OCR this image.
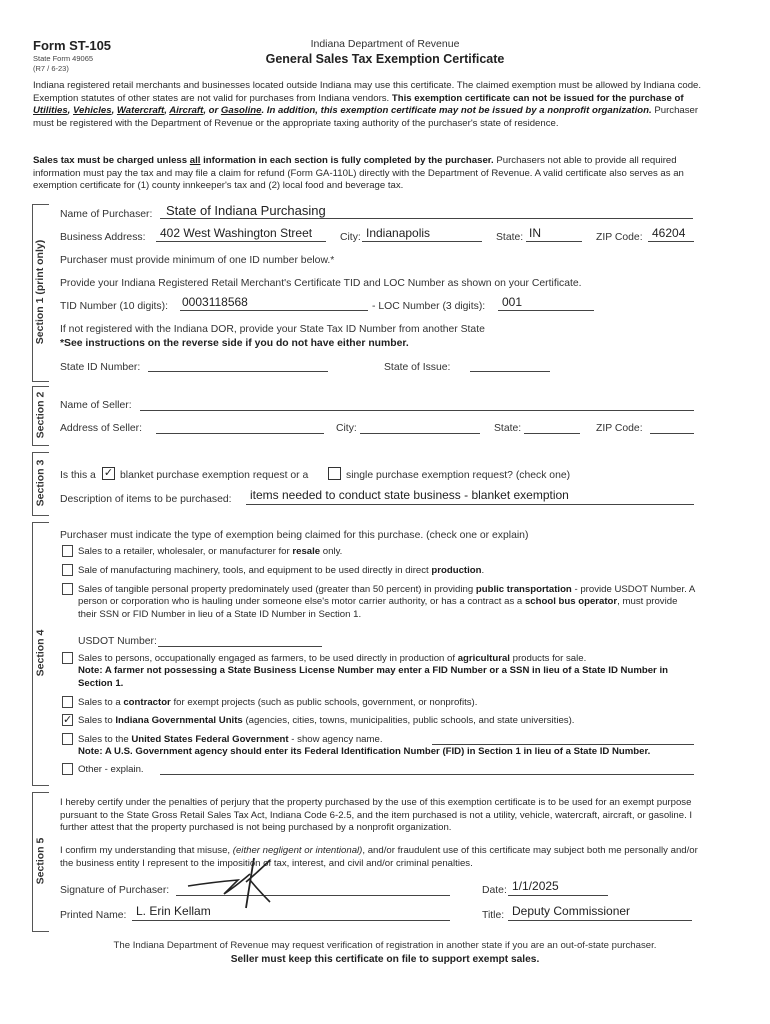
Form ST-105
State Form 49065
(R7 / 6-23)
Indiana Department of Revenue
General Sales Tax Exemption Certificate
Indiana registered retail merchants and businesses located outside Indiana may use this certificate. The claimed exemption must be allowed by Indiana code. Exemption statutes of other states are not valid for purchases from Indiana vendors. This exemption certificate can not be issued for the purchase of Utilities, Vehicles, Watercraft, Aircraft, or Gasoline. In addition, this exemption certificate may not be issued by a nonprofit organization. Purchaser must be registered with the Department of Revenue or the appropriate taxing authority of the purchaser's state of residence.
Sales tax must be charged unless all information in each section is fully completed by the purchaser. Purchasers not able to provide all required information must pay the tax and may file a claim for refund (Form GA-110L) directly with the Department of Revenue. A valid certificate also serves as an exemption certificate for (1) county innkeeper's tax and (2) local food and beverage tax.
Section 1 (print only)
Name of Purchaser: State of Indiana Purchasing
Business Address: 402 West Washington Street	City: Indianapolis	State: IN	ZIP Code: 46204
Purchaser must provide minimum of one ID number below.*
Provide your Indiana Registered Retail Merchant's Certificate TID and LOC Number as shown on your Certificate.
TID Number (10 digits): 0003118568	- LOC Number (3 digits): 001
If not registered with the Indiana DOR, provide your State Tax ID Number from another State
*See instructions on the reverse side if you do not have either number.
State ID Number:	State of Issue:
Section 2 Name of Seller:
Address of Seller:	City:	State:	ZIP Code:
Section 3 Is this a ✓ blanket purchase exemption request or a	single purchase exemption request? (check one)
Description of items to be purchased: items needed to conduct state business - blanket exemption
Section 4
Purchaser must indicate the type of exemption being claimed for this purchase. (check one or explain)
Sales to a retailer, wholesaler, or manufacturer for resale only.
Sale of manufacturing machinery, tools, and equipment to be used directly in direct production.
Sales of tangible personal property predominately used (greater than 50 percent) in providing public transportation - provide USDOT Number. A person or corporation who is hauling under someone else's motor carrier authority, or has a contract as a school bus operator, must provide their SSN or FID Number in lieu of a State ID Number in Section 1.
USDOT Number:
Sales to persons, occupationally engaged as farmers, to be used directly in production of agricultural products for sale.
Note: A farmer not possessing a State Business License Number may enter a FID Number or a SSN in lieu of a State ID Number in Section 1.
Sales to a contractor for exempt projects (such as public schools, government, or nonprofits).
✓ Sales to Indiana Governmental Units (agencies, cities, towns, municipalities, public schools, and state universities).
Sales to the United States Federal Government - show agency name.
Note: A U.S. Government agency should enter its Federal Identification Number (FID) in Section 1 in lieu of a State ID Number.
Other - explain.
Section 5
I hereby certify under the penalties of perjury that the property purchased by the use of this exemption certificate is to be used for an exempt purpose pursuant to the State Gross Retail Sales Tax Act, Indiana Code 6-2.5, and the item purchased is not a utility, vehicle, watercraft, aircraft, or gasoline. I further attest that the property purchased is not being purchased by a nonprofit organization.
I confirm my understanding that misuse, (either negligent or intentional), and/or fraudulent use of this certificate may subject both me personally and/or the business entity I represent to the imposition of tax, interest, and civil and/or criminal penalties.
Signature of Purchaser:	Date: 1/1/2025
Printed Name: L. Erin Kellam	Title: Deputy Commissioner
The Indiana Department of Revenue may request verification of registration in another state if you are an out-of-state purchaser.
Seller must keep this certificate on file to support exempt sales.
